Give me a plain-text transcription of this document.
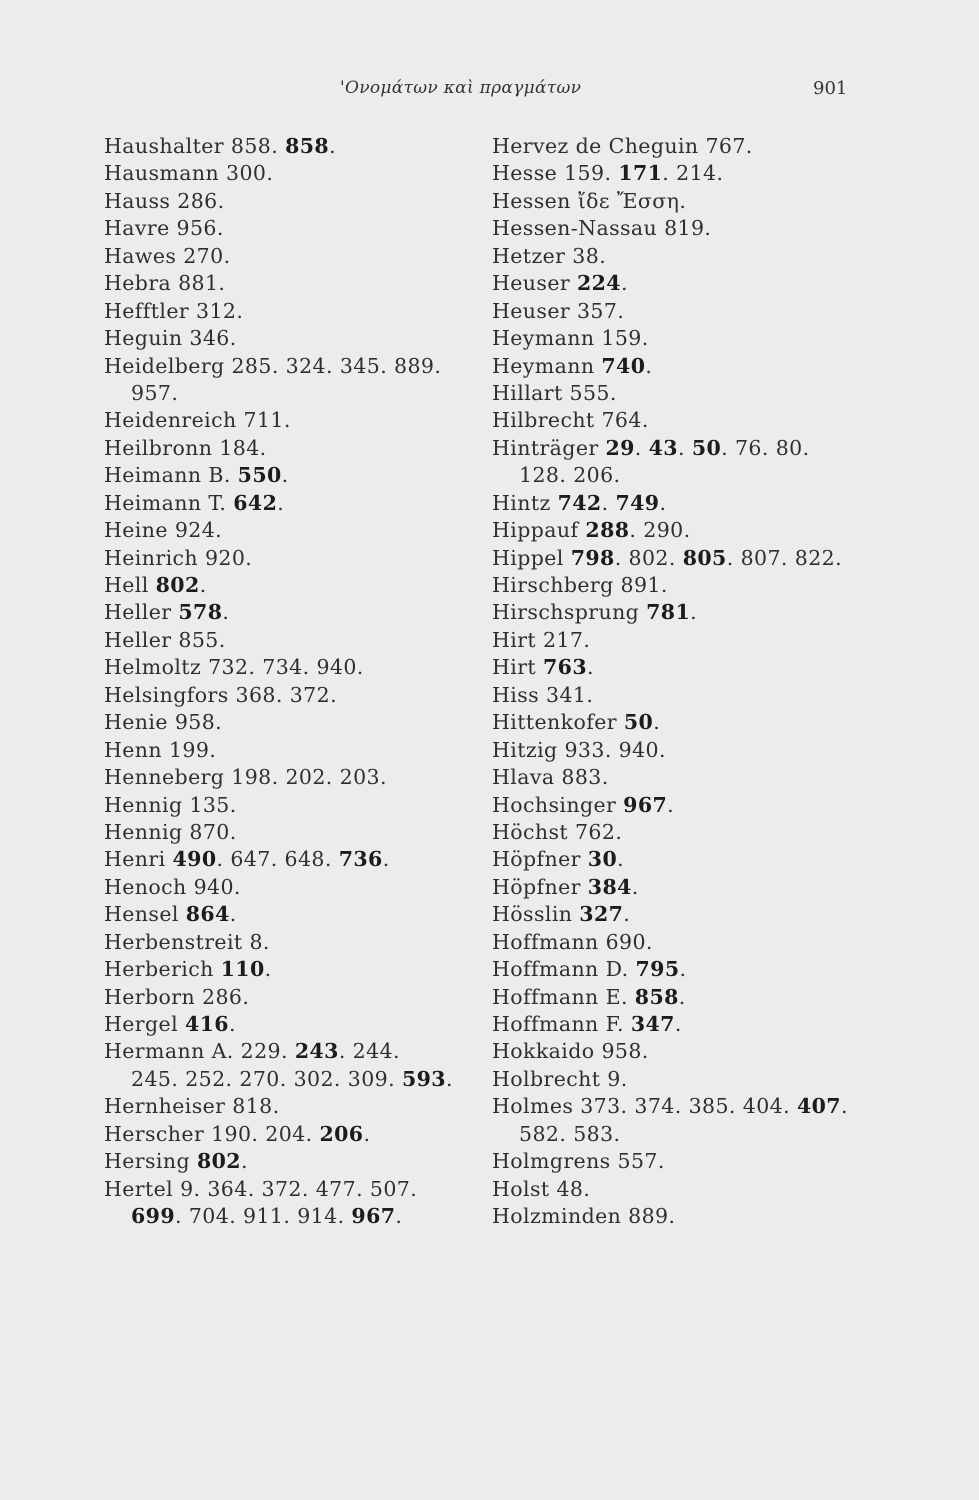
'Ονομάτων καὶ πραγμάτων	901
Haushalter 858. 858.
Hausmann 300.
Hauss 286.
Havre 956.
Hawes 270.
Hebra 881.
Hefftler 312.
Heguin 346.
Heidelberg 285. 324. 345. 889.
957.
Heidenreich 711.
Heilbronn 184.
Heimann B. 550.
Heimann T. 642.
Heine 924.
Heinrich 920.
Hell 802.
Heller 578.
Heller 855.
Helmoltz 732. 734. 940.
Helsingfors 368. 372.
Henie 958.
Henn 199.
Henneberg 198. 202. 203.
Hennig 135.
Hennig 870.
Henri 490. 647. 648. 736.
Henoch 940.
Hensel 864.
Herbenstreit 8.
Herberich 110.
Herborn 286.
Hergel 416.
Hermann A. 229. 243. 244.
245. 252. 270. 302. 309. 593.
Hernheiser 818.
Herscher 190. 204. 206.
Hersing 802.
Hertel 9. 364. 372. 477. 507.
699. 704. 911. 914. 967.
Hervez de Cheguin 767.
Hesse 159. 171. 214.
Hessen ἴδε Ἔσση.
Hessen-Nassau 819.
Hetzer 38.
Heuser 224.
Heuser 357.
Heymann 159.
Heymann 740.
Hillart 555.
Hilbrecht 764.
Hinträger 29. 43. 50. 76. 80.
128. 206.
Hintz 742. 749.
Hippauf 288. 290.
Hippel 798. 802. 805. 807. 822.
Hirschberg 891.
Hirschsprung 781.
Hirt 217.
Hirt 763.
Hiss 341.
Hittenkofer 50.
Hitzig 933. 940.
Hlava 883.
Hochsinger 967.
Höchst 762.
Höpfner 30.
Höpfner 384.
Hösslin 327.
Hoffmann 690.
Hoffmann D. 795.
Hoffmann E. 858.
Hoffmann F. 347.
Hokkaido 958.
Holbrecht 9.
Holmes 373. 374. 385. 404. 407.
582. 583.
Holmgrens 557.
Holst 48.
Holzminden 889.
